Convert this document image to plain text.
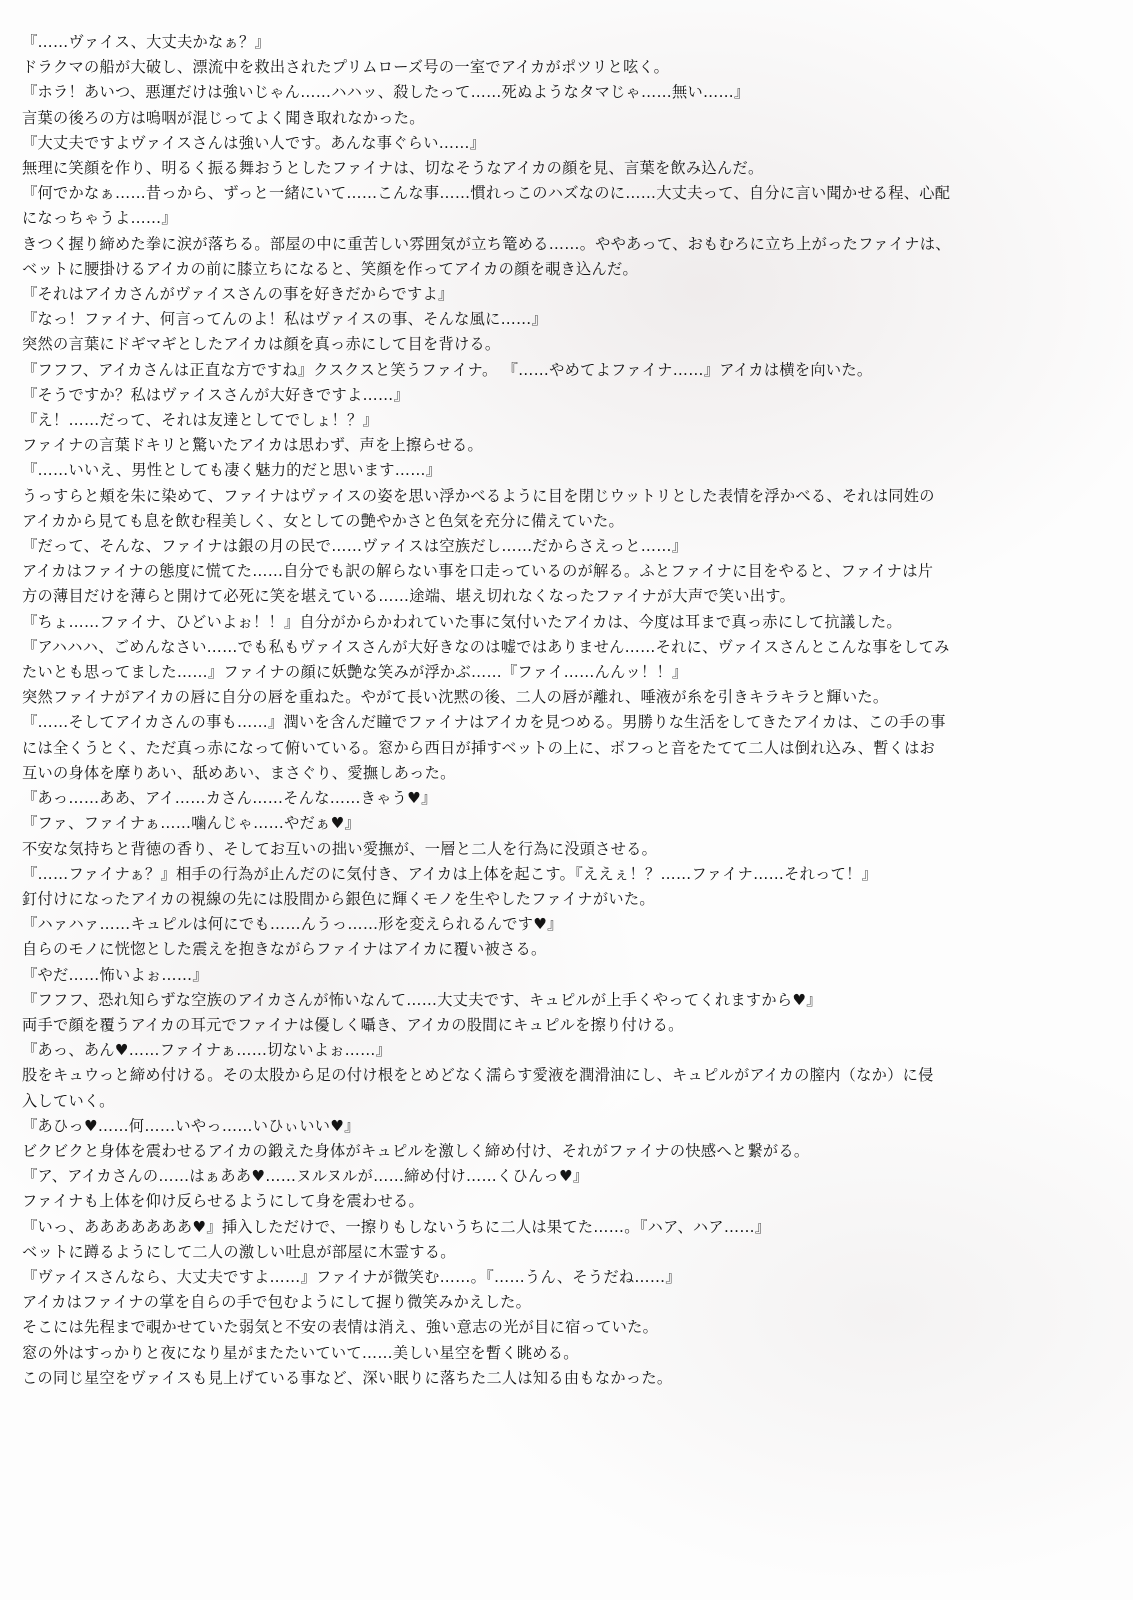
『……ヴァイス、大丈夫かなぁ？』

ドラクマの船が大破し、漂流中を救出されたプリムローズ号の一室でアイカがポツリと呟く。

『ホラ！あいつ、悪運だけは強いじゃん……ハハッ、殺したって……死ぬようなタマじゃ……無い……』

言葉の後ろの方は嗚咽が混じってよく聞き取れなかった。

『大丈夫ですよヴァイスさんは強い人です。あんな事ぐらい……』

無理に笑顔を作り、明るく振る舞おうとしたファイナは、切なそうなアイカの顔を見、言葉を飲み込んだ。

『何でかなぁ……昔っから、ずっと一緒にいて……こんな事……慣れっこのハズなのに……大丈夫って、自分に言い聞かせる程、心配

になっちゃうよ……』

きつく握り締めた拳に涙が落ちる。部屋の中に重苦しい雰囲気が立ち篭める……。ややあって、おもむろに立ち上がったファイナは、

ベットに腰掛けるアイカの前に膝立ちになると、笑顔を作ってアイカの顔を覗き込んだ。

『それはアイカさんがヴァイスさんの事を好きだからですよ』

『なっ！ファイナ、何言ってんのよ！私はヴァイスの事、そんな風に……』

突然の言葉にドギマギとしたアイカは顔を真っ赤にして目を背ける。

『フフフ、アイカさんは正直な方ですね』クスクスと笑うファイナ。 『……やめてよファイナ……』アイカは横を向いた。

『そうですか？私はヴァイスさんが大好きですよ……』

『え！……だって、それは友達としてでしょ！？』

ファイナの言葉ドキリと驚いたアイカは思わず、声を上擦らせる。

『……いいえ、男性としても凄く魅力的だと思います……』

うっすらと頬を朱に染めて、ファイナはヴァイスの姿を思い浮かべるように目を閉じウットリとした表情を浮かべる、それは同姓の

アイカから見ても息を飲む程美しく、女としての艶やかさと色気を充分に備えていた。

『だって、そんな、ファイナは銀の月の民で……ヴァイスは空族だし……だからさえっと……』

アイカはファイナの態度に慌てた……自分でも訳の解らない事を口走っているのが解る。ふとファイナに目をやると、ファイナは片

方の薄目だけを薄らと開けて必死に笑を堪えている……途端、堪え切れなくなったファイナが大声で笑い出す。

『ちょ……ファイナ、ひどいよぉ！！』自分がからかわれていた事に気付いたアイカは、今度は耳まで真っ赤にして抗議した。

『アハハハ、ごめんなさい……でも私もヴァイスさんが大好きなのは嘘ではありません……それに、ヴァイスさんとこんな事をしてみ

たいとも思ってました……』ファイナの顔に妖艶な笑みが浮かぶ……『ファイ……んんッ！！』

突然ファイナがアイカの唇に自分の唇を重ねた。やがて長い沈黙の後、二人の唇が離れ、唾液が糸を引きキラキラと輝いた。

『……そしてアイカさんの事も……』潤いを含んだ瞳でファイナはアイカを見つめる。男勝りな生活をしてきたアイカは、この手の事

には全くうとく、ただ真っ赤になって俯いている。窓から西日が挿すベットの上に、ボフっと音をたてて二人は倒れ込み、暫くはお

互いの身体を摩りあい、舐めあい、まさぐり、愛撫しあった。

『あっ……ああ、アイ……カさん……そんな……きゃう♥』

『ファ、ファイナぁ……噛んじゃ……やだぁ♥』

不安な気持ちと背徳の香り、そしてお互いの拙い愛撫が、一層と二人を行為に没頭させる。

『……ファイナぁ？』相手の行為が止んだのに気付き、アイカは上体を起こす。『ええぇ！？……ファイナ……それって！』

釘付けになったアイカの視線の先には股間から銀色に輝くモノを生やしたファイナがいた。

『ハァハァ……キュピルは何にでも……んうっ……形を変えられるんです♥』

自らのモノに恍惚とした震えを抱きながらファイナはアイカに覆い被さる。

『やだ……怖いよぉ……』

『フフフ、恐れ知らずな空族のアイカさんが怖いなんて……大丈夫です、キュピルが上手くやってくれますから♥』

両手で顔を覆うアイカの耳元でファイナは優しく囁き、アイカの股間にキュピルを擦り付ける。

『あっ、あん♥……ファイナぁ……切ないよぉ……』

股をキュウっと締め付ける。その太股から足の付け根をとめどなく濡らす愛液を潤滑油にし、キュピルがアイカの膣内（なか）に侵

入していく。

『あひっ♥……何……いやっ……いひぃいい♥』

ビクビクと身体を震わせるアイカの鍛えた身体がキュピルを激しく締め付け、それがファイナの快感へと繋がる。

『ア、アイカさんの……はぁああ♥……ヌルヌルが……締め付け……くひんっ♥』

ファイナも上体を仰け反らせるようにして身を震わせる。

『いっ、あああああああ♥』挿入しただけで、一擦りもしないうちに二人は果てた……。『ハア、ハア……』

ベットに蹲るようにして二人の激しい吐息が部屋に木霊する。

『ヴァイスさんなら、大丈夫ですよ……』ファイナが微笑む……。『……うん、そうだね……』

アイカはファイナの掌を自らの手で包むようにして握り微笑みかえした。

そこには先程まで覗かせていた弱気と不安の表情は消え、強い意志の光が目に宿っていた。

窓の外はすっかりと夜になり星がまたたいていて……美しい星空を暫く眺める。

この同じ星空をヴァイスも見上げている事など、深い眠りに落ちた二人は知る由もなかった。
